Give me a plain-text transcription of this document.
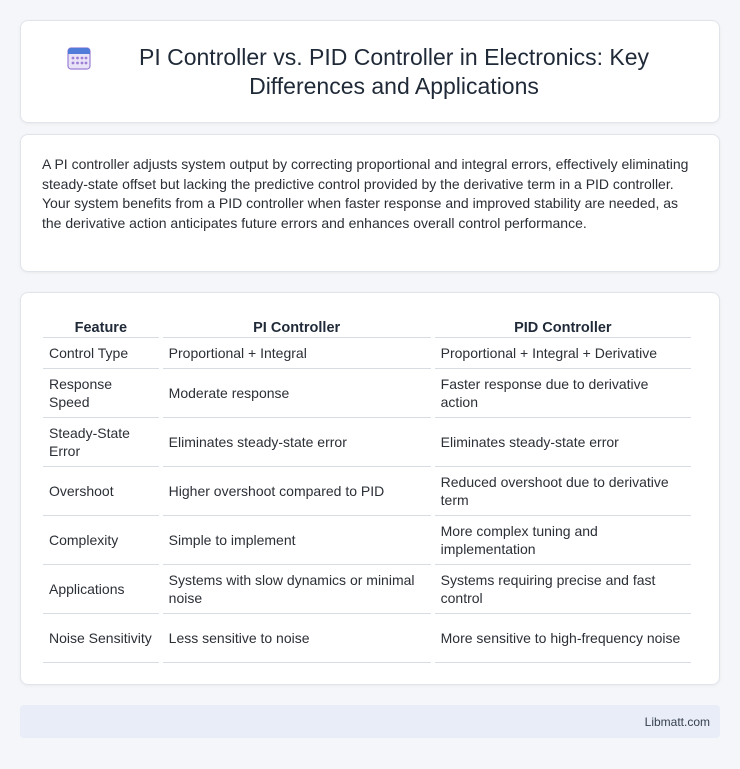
PI Controller vs. PID Controller in Electronics: Key Differences and Applications

A PI controller adjusts system output by correcting proportional and integral errors, effectively eliminating steady-state offset but lacking the predictive control provided by the derivative term in a PID controller. Your system benefits from a PID controller when faster response and improved stability are needed, as the derivative action anticipates future errors and enhances overall control performance.

Feature	PI Controller	PID Controller
Control Type	Proportional + Integral	Proportional + Integral + Derivative
Response Speed	Moderate response	Faster response due to derivative action
Steady-State Error	Eliminates steady-state error	Eliminates steady-state error
Overshoot	Higher overshoot compared to PID	Reduced overshoot due to derivative term
Complexity	Simple to implement	More complex tuning and implementation
Applications	Systems with slow dynamics or minimal noise	Systems requiring precise and fast control
Noise Sensitivity	Less sensitive to noise	More sensitive to high-frequency noise
Libmatt.com
